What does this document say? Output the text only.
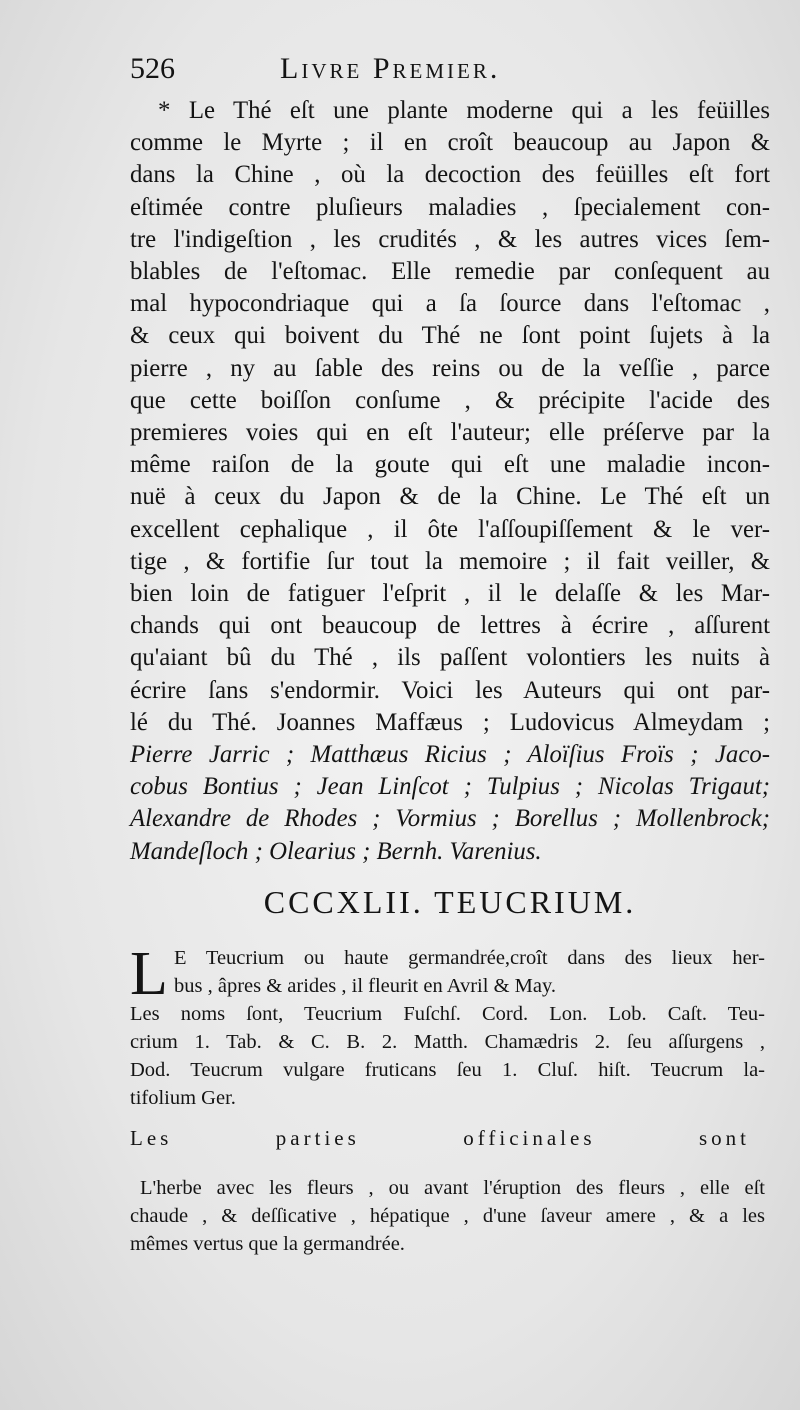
526	Livre Premier.
* Le Thé eſt une plante moderne qui a les feüilles
comme le Myrte ; il en croît beaucoup au Japon &
dans la Chine , où la decoction des feüilles eſt fort
eſtimée contre pluſieurs maladies , ſpecialement con-
tre l'indigeſtion , les crudités , & les autres vices ſem-
blables de l'eſtomac. Elle remedie par conſequent au
mal hypocondriaque qui a ſa ſource dans l'eſtomac ,
& ceux qui boivent du Thé ne ſont point ſujets à la
pierre , ny au ſable des reins ou de la veſſie , parce
que cette boiſſon conſume , & précipite l'acide des
premieres voies qui en eſt l'auteur; elle préſerve par la
même raiſon de la goute qui eſt une maladie incon-
nuë à ceux du Japon & de la Chine. Le Thé eſt un
excellent cephalique , il ôte l'aſſoupiſſement & le ver-
tige , & fortifie ſur tout la memoire ; il fait veiller, &
bien loin de fatiguer l'eſprit , il le delaſſe & les Mar-
chands qui ont beaucoup de lettres à écrire , aſſurent
qu'aiant bû du Thé , ils paſſent volontiers les nuits à
écrire ſans s'endormir. Voici les Auteurs qui ont par-
lé du Thé. Joannes Maffæus ; Ludovicus Almeydam ;
Pierre Jarric ; Matthæus Ricius ; Aloïſius Froïs ; Jaco-
cobus Bontius ; Jean Linſcot ; Tulpius ; Nicolas Trigaut;
Alexandre de Rhodes ; Vormius ; Borellus ; Mollenbrock;
Mandeſloch ; Olearius ; Bernh. Varenius.
CCCXLII. TEUCRIUM.
L E Teucrium ou haute germandrée,croît dans des lieux her-
bus , âpres & arides , il fleurit en Avril & May.
Les noms ſont, Teucrium Fuſchſ. Cord. Lon. Lob. Caſt. Teu-
crium 1. Tab. & C. B. 2. Matth. Chamædris 2. ſeu aſſurgens ,
Dod. Teucrum vulgare fruticans ſeu 1. Cluſ. hiſt. Teucrum la-
tifolium Ger.
Les parties officinales sont
L'herbe avec les fleurs , ou avant l'éruption des fleurs , elle eſt
chaude , & deſſicative , hépatique , d'une ſaveur amere , & a les
mêmes vertus que la germandrée.
